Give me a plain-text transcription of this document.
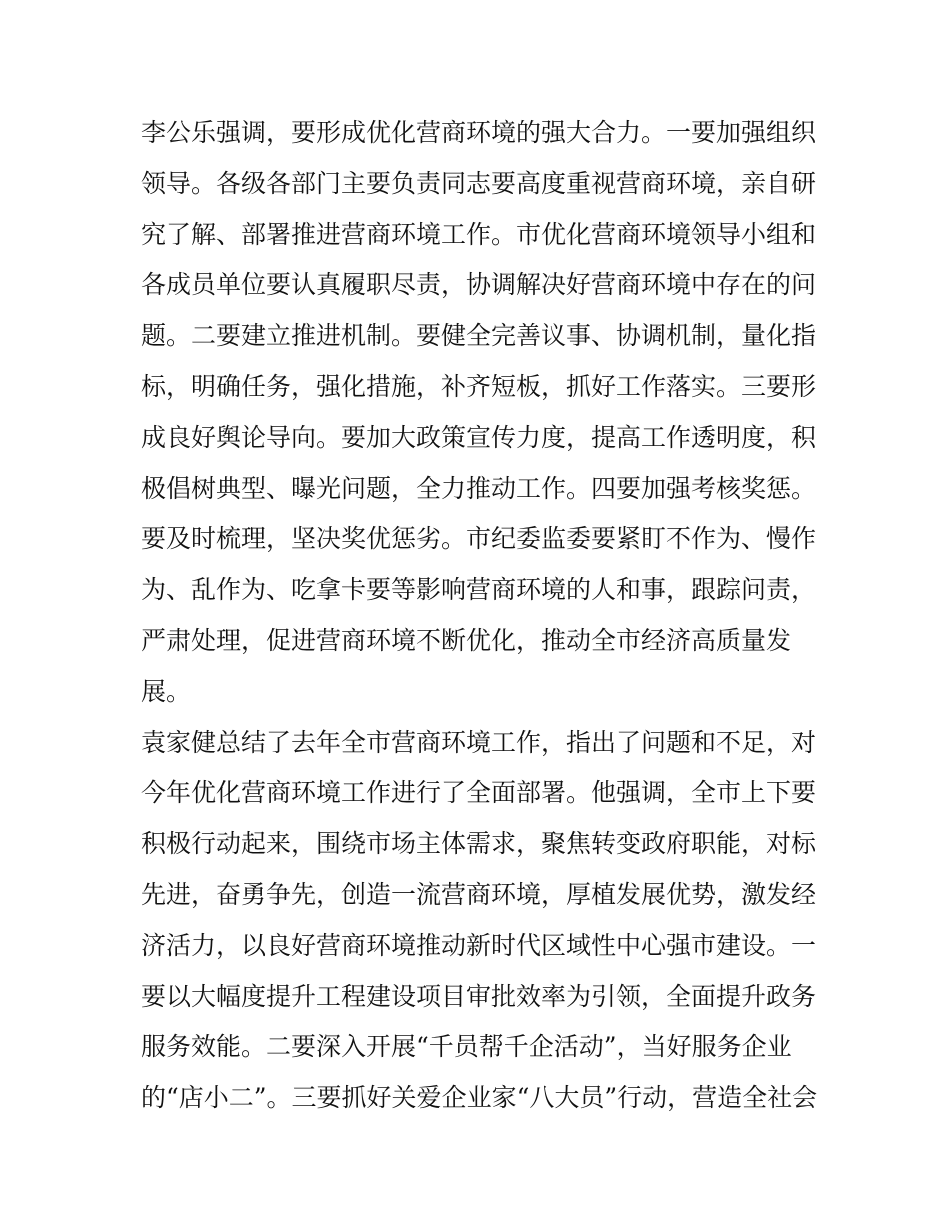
李公乐强调，要形成优化营商环境的强大合力。一要加强组织
领导。各级各部门主要负责同志要高度重视营商环境，亲自研
究了解、部署推进营商环境工作。市优化营商环境领导小组和
各成员单位要认真履职尽责，协调解决好营商环境中存在的问
题。二要建立推进机制。要健全完善议事、协调机制，量化指
标，明确任务，强化措施，补齐短板，抓好工作落实。三要形
成良好舆论导向。要加大政策宣传力度，提高工作透明度，积
极倡树典型、曝光问题，全力推动工作。四要加强考核奖惩。
要及时梳理，坚决奖优惩劣。市纪委监委要紧盯不作为、慢作
为、乱作为、吃拿卡要等影响营商环境的人和事，跟踪问责，
严肃处理，促进营商环境不断优化，推动全市经济高质量发
展。
袁家健总结了去年全市营商环境工作，指出了问题和不足，对
今年优化营商环境工作进行了全面部署。他强调，全市上下要
积极行动起来，围绕市场主体需求，聚焦转变政府职能，对标
先进，奋勇争先，创造一流营商环境，厚植发展优势，激发经
济活力，以良好营商环境推动新时代区域性中心强市建设。一
要以大幅度提升工程建设项目审批效率为引领，全面提升政务
服务效能。二要深入开展“千员帮千企活动”，当好服务企业
的“店小二”。三要抓好关爱企业家“八大员”行动，营造全社会
